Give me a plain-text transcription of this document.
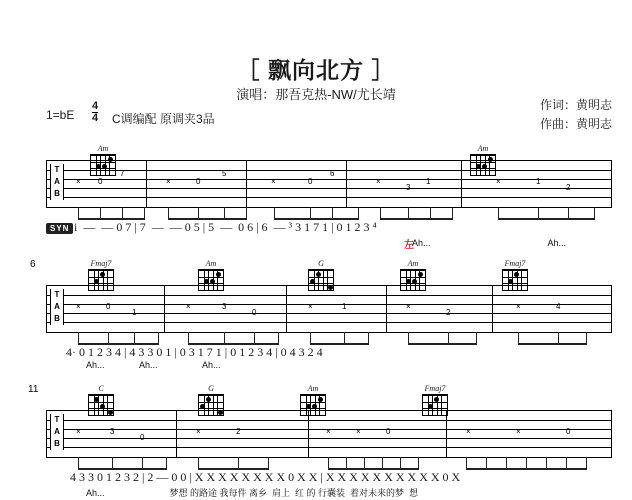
［ 飘向北方 ］
演唱：那吾克热-NW/尤长靖
作词：黄明志
作曲：黄明志
$1=bE \frac{4}{4}$ C调编配 原调夹3品
Am	Am
T
A
B
× 0
7
×	0
5
×	0
6
×
3
1	×	1
2
SYN i  —  — 0 7 | 7  —  — 0 5 | 5  —  0 6 | 6  — ³ 3 1 7 1 | 0 1 2 3 ⁴
左
Ah...                                               Ah...
6	Fmaj7	Am	G	Am	Fmaj7
T
A
B
×	0
1
×	3
0
×	1	×
2
×	4
4· 0 1 2 3 4 | 4 3 3 0 1 | 0 3 1 7 1 | 0 1 2 3 4 | 0 4 3 2 4
Ah...              Ah...                  Ah...
11	C	G	Am	Fmaj7
T
A
B
×	3
0
×	2	×	×	0	×	×	0
4 3 3 0 1 2 3 2 | 2 — 0 0 | X X X X X X X X 0 X X | X X X X X X X X X X 0 X
Ah...                          梦想 的路途 我每件 离乡  肩上  红 的 行囊装  着对未来的梦  想
